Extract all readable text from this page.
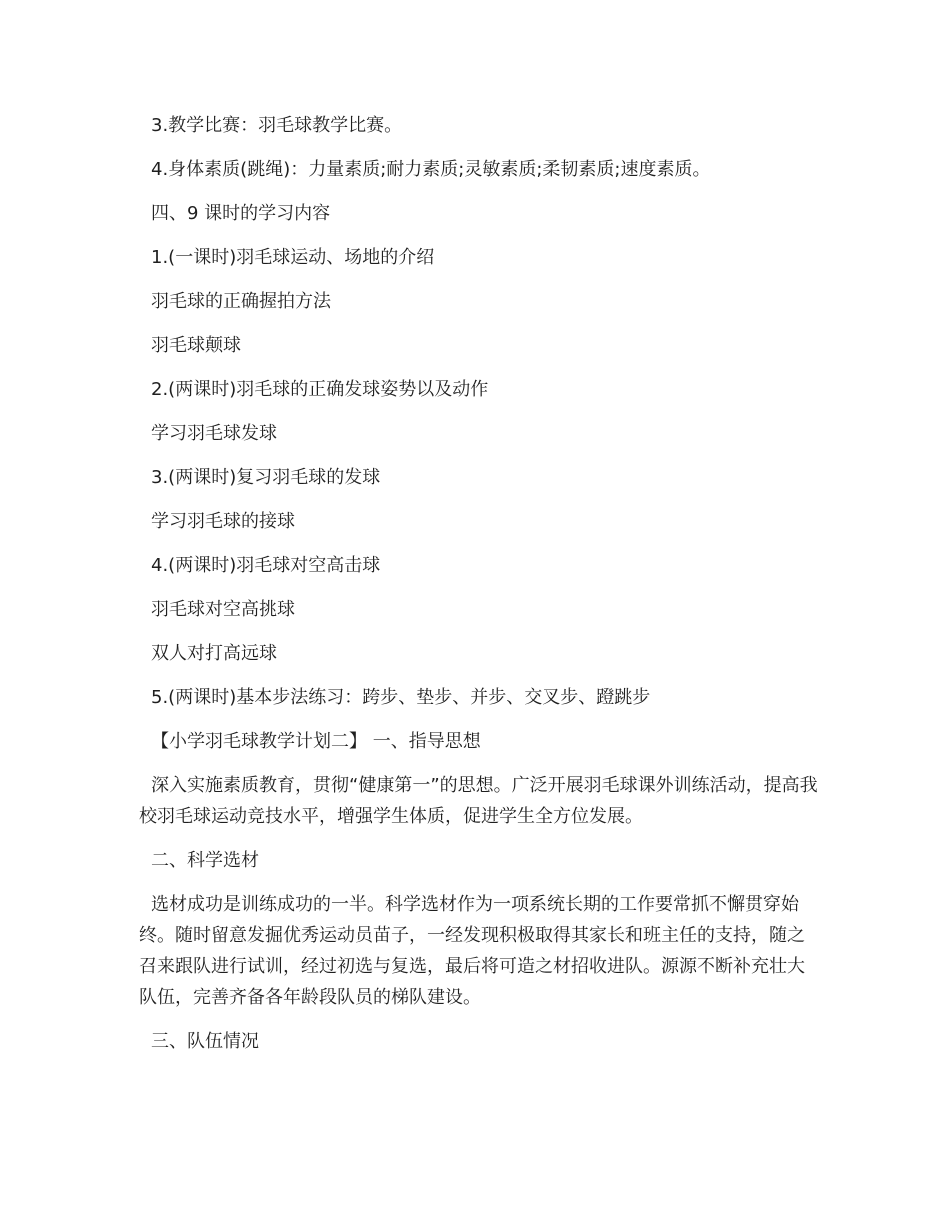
3.教学比赛：羽毛球教学比赛。

4.身体素质(跳绳)：力量素质;耐力素质;灵敏素质;柔韧素质;速度素质。

四、9 课时的学习内容

1.(一课时)羽毛球运动、场地的介绍

羽毛球的正确握拍方法

羽毛球颠球

2.(两课时)羽毛球的正确发球姿势以及动作

学习羽毛球发球

3.(两课时)复习羽毛球的发球

学习羽毛球的接球

4.(两课时)羽毛球对空高击球

羽毛球对空高挑球

双人对打高远球

5.(两课时)基本步法练习：跨步、垫步、并步、交叉步、蹬跳步

【小学羽毛球教学计划二】 一、指导思想

深入实施素质教育，贯彻“健康第一”的思想。广泛开展羽毛球课外训练活动，提高我校羽毛球运动竞技水平，增强学生体质，促进学生全方位发展。

二、科学选材

选材成功是训练成功的一半。科学选材作为一项系统长期的工作要常抓不懈贯穿始终。随时留意发掘优秀运动员苗子，一经发现积极取得其家长和班主任的支持，随之召来跟队进行试训，经过初选与复选，最后将可造之材招收进队。源源不断补充壮大队伍，完善齐备各年龄段队员的梯队建设。

三、队伍情况
